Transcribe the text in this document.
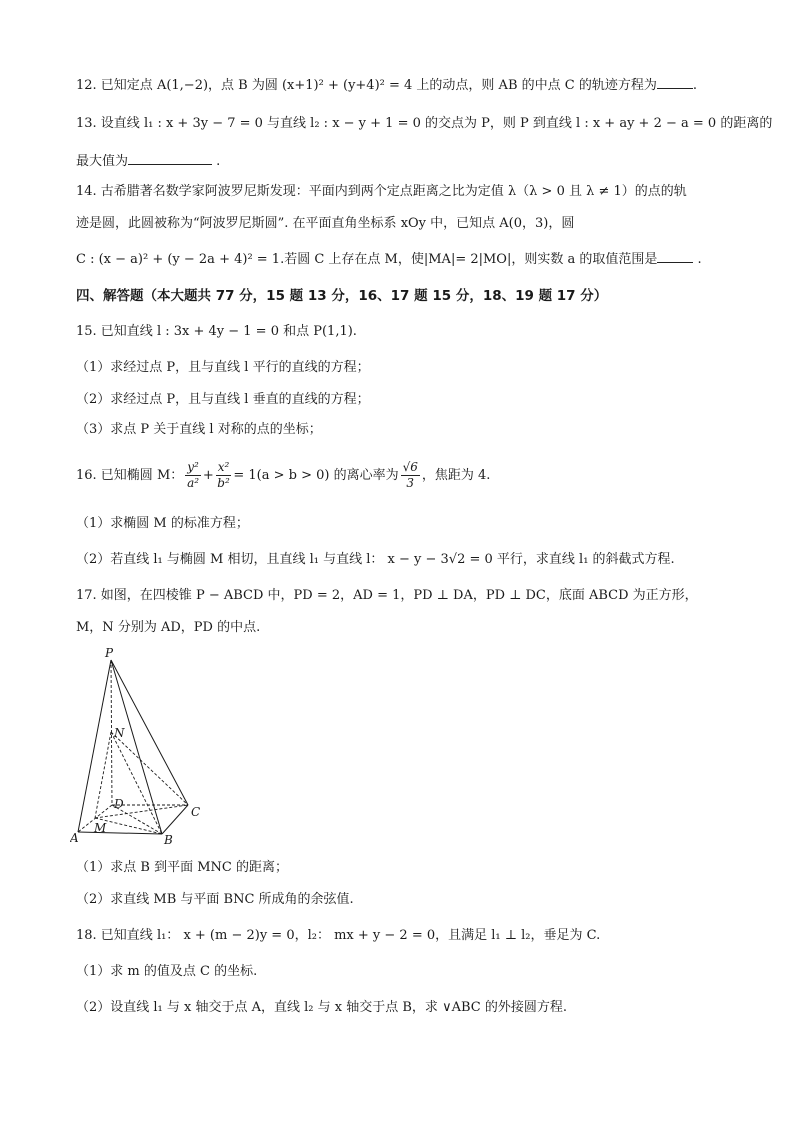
12. 已知定点 A(1,−2)，点 B 为圆 (x+1)² + (y+4)² = 4 上的动点，则 AB 的中点 C 的轨迹方程为	.
13. 设直线 l₁ : x + 3y − 7 = 0 与直线 l₂ : x − y + 1 = 0 的交点为 P，则 P 到直线 l : x + ay + 2 − a = 0 的距离的
最大值为	.
14. 古希腊著名数学家阿波罗尼斯发现：平面内到两个定点距离之比为定值 λ（λ > 0 且 λ ≠ 1）的点的轨
迹是圆，此圆被称为“阿波罗尼斯圆”. 在平面直角坐标系 xOy 中，已知点 A(0，3)，圆
C : (x − a)² + (y − 2a + 4)² = 1.若圆 C 上存在点 M，使|MA|= 2|MO|，则实数 a 的取值范围是	.
四、解答题（本大题共 77 分，15 题 13 分，16、17 题 15 分，18、19 题 17 分）
15. 已知直线 l : 3x + 4y − 1 = 0 和点 P(1,1).
（1）求经过点 P，且与直线 l 平行的直线的方程；
（2）求经过点 P，且与直线 l 垂直的直线的方程；
（3）求点 P 关于直线 l 对称的点的坐标；
16. 已知椭圆 M： $\frac{\text{y²}}{\text{a²}} + \frac{\text{x²}}{\text{b²}} = 1(a > b > 0)$ 的离心率为 $\frac{√6}{3}$ ，焦距为 4.
（1）求椭圆 M 的标准方程；
（2）若直线 l₁ 与椭圆 M 相切，且直线 l₁ 与直线 l： x − y − 3√2 = 0 平行，求直线 l₁ 的斜截式方程.
17. 如图，在四棱锥 P − ABCD 中，PD = 2，AD = 1，PD ⊥ DA，PD ⊥ DC，底面 ABCD 为正方形，
M，N 分别为 AD，PD 的中点.
P
N
D
C
A
M
B
（1）求点 B 到平面 MNC 的距离；
（2）求直线 MB 与平面 BNC 所成角的余弦值.
18. 已知直线 l₁： x + (m − 2)y = 0，l₂： mx + y − 2 = 0，且满足 l₁ ⊥ l₂，垂足为 C.
（1）求 m 的值及点 C 的坐标.
（2）设直线 l₁ 与 x 轴交于点 A，直线 l₂ 与 x 轴交于点 B，求 ∨ABC 的外接圆方程.
